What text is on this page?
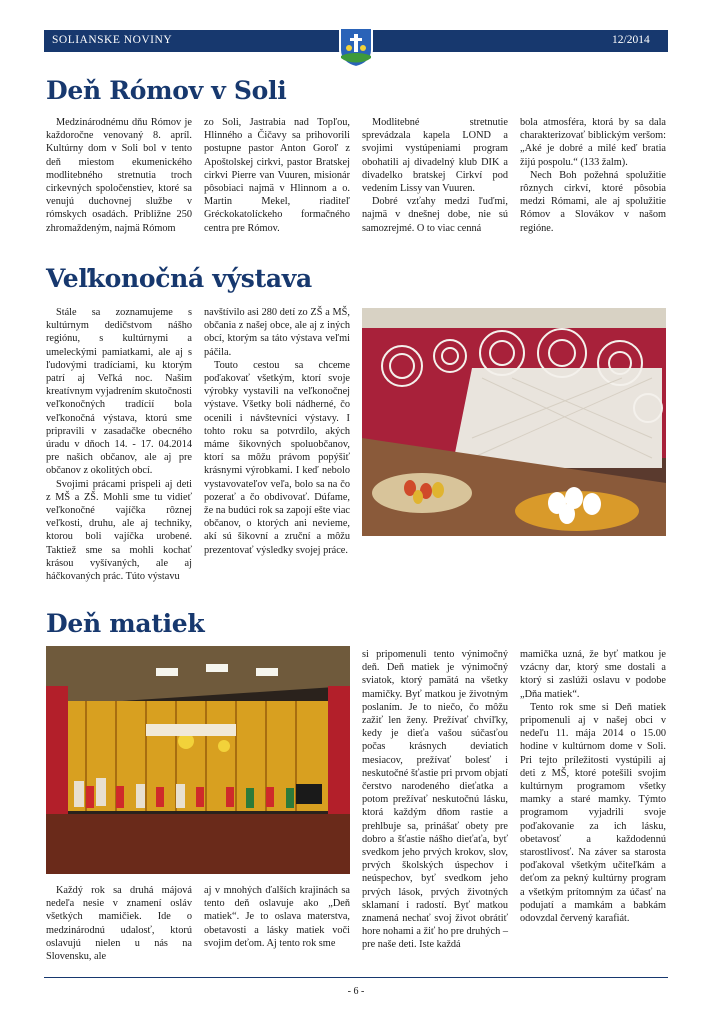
SOLIANSKE NOVINY	12/2014
Deň Rómov v Soli

Medzinárodnému dňu Rómov je každoročne venovaný 8. apríl. Kultúrny dom v Soli bol v tento deň miestom ekumenického modlitebného stretnutia troch cirkevných spoločenstiev, ktoré sa venujú duchovnej službe v rómskych osadách. Približne 250 zhromaždeným, najmä Rómom

zo Soli, Jastrabia nad Topľou, Hlinného a Čičavy sa prihovorili postupne pastor Anton Goroľ z Apoštolskej cirkvi, pastor Bratskej cirkvi Pierre van Vuuren, misionár pôsobiaci najmä v Hlinnom a o. Martin Mekel, riaditeľ Gréckokatolíckeho formačného centra pre Rómov.

Modlitebné stretnutie sprevádzala kapela LOND a svojimi vystúpeniami program obohatili aj divadelný klub DIK a divadelko bratskej Cirkví pod vedením Lissy van Vuuren.

Dobré vzťahy medzi ľuďmi, najmä v dnešnej dobe, nie sú samozrejmé. O to viac cenná

bola atmosféra, ktorá by sa dala charakterizovať biblickým veršom: „Aké je dobré a milé keď bratia žijú pospolu.“ (133 žalm).

Nech Boh požehná spolužitie rôznych cirkví, ktoré pôsobia medzi Rómami, ale aj spolužitie Rómov a Slovákov v našom regióne.

Veľkonočná výstava

Stále sa zoznamujeme s kultúrnym dedičstvom nášho regiónu, s kultúrnymi a umeleckými pamiatkami, ale aj s ľudovými tradíciami, ku ktorým patrí aj Veľká noc. Našim kreatívnym vyjadrením skutočnosti veľkonočných tradícií bola veľkonočná výstava, ktorú sme pripravili v zasadačke obecného úradu v dňoch 14. - 17. 04.2014 pre našich občanov, ale aj pre občanov z okolitých obcí.

Svojimi prácami prispeli aj deti z MŠ a ZŠ. Mohli sme tu vidieť veľkonočné vajíčka rôznej veľkosti, druhu, ale aj techniky, ktorou boli vajíčka urobené. Taktiež sme sa mohli kochať krásou vyšívaných, ale aj háčkovaných prác. Túto výstavu

navštívilo asi 280 detí zo ZŠ a MŠ, občania z našej obce, ale aj z iných obcí, ktorým sa táto výstava veľmi páčila.

Touto cestou sa chceme poďakovať všetkým, ktorí svoje výrobky vystavili na veľkonočnej výstave. Všetky boli nádherné, čo ocenili i návštevníci výstavy. I tohto roku sa potvrdilo, akých máme šikovných spoluobčanov, ktorí sa môžu právom popýšiť krásnymi výrobkami. I keď nebolo vystavovateľov veľa, bolo sa na čo pozerať a čo obdivovať. Dúfame, že na budúci rok sa zapojí ešte viac občanov, o ktorých ani nevieme, akí sú šikovní a zruční a môžu prezentovať výsledky svojej práce.

Deň matiek

Každý rok sa druhá májová nedeľa nesie v znamení osláv všetkých mamičiek. Ide o medzinárodnú udalosť, ktorú oslavujú nielen u nás na Slovensku, ale

aj v mnohých ďalších krajinách sa tento deň oslavuje ako „Deň matiek“. Je to oslava materstva, obetavosti a lásky matiek voči svojim deťom. Aj tento rok sme

si pripomenuli tento výnimočný deň. Deň matiek je výnimočný sviatok, ktorý pamätá na všetky mamičky. Byť matkou je životným poslaním. Je to niečo, čo môžu zažiť len ženy. Prežívať chvíľky, kedy je dieťa vašou súčasťou počas krásnych deviatich mesiacov, prežívať bolesť i neskutočné šťastie pri prvom objatí čerstvo narodeného dieťatka a potom prežívať neskutočnú lásku, ktorá každým dňom rastie a prehlbuje sa, prinášať obety pre dobro a šťastie nášho dieťaťa, byť svedkom jeho prvých krokov, slov, prvých školských úspechov i neúspechov, byť svedkom jeho prvých lások, prvých životných sklamaní i radostí. Byť matkou znamená nechať svoj život obrátiť hore nohami a žiť ho pre druhých – pre naše deti. Iste každá

mamička uzná, že byť matkou je vzácny dar, ktorý sme dostali a ktorý si zaslúži oslavu v podobe „Dňa matiek“.

Tento rok sme si Deň matiek pripomenuli aj v našej obci v nedeľu 11. mája 2014 o 15.00 hodine v kultúrnom dome v Soli. Pri tejto príležitosti vystúpili aj deti z MŠ, ktoré potešili svojim kultúrnym programom všetky mamky a staré mamky. Týmto programom vyjadrili svoje poďakovanie za ich lásku, obetavosť a každodennú starostlivosť. Na záver sa starosta poďakoval všetkým učiteľkám a deťom za pekný kultúrny program a všetkým prítomným za účasť na podujatí a mamkám a babkám odovzdal červený karafiát.

- 6 -
